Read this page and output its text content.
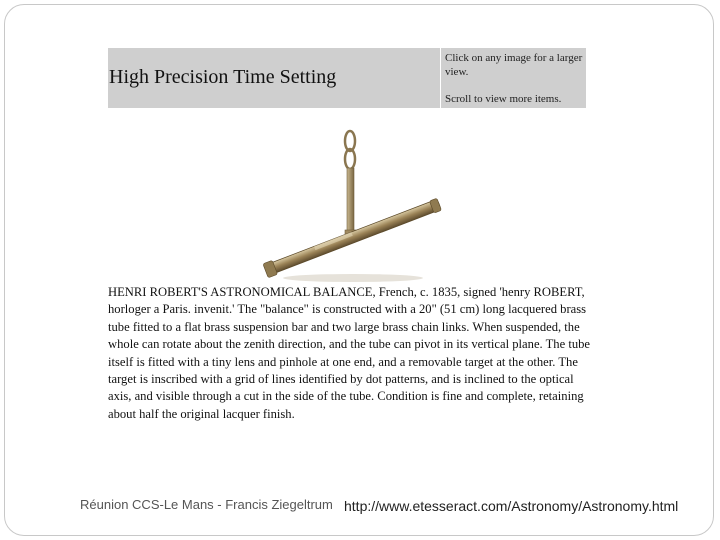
High Precision Time Setting
Click on any image for a larger view.
Scroll to view more items.
HENRI ROBERT'S ASTRONOMICAL BALANCE, French, c. 1835, signed 'henry ROBERT, horloger a Paris. invenit.' The "balance" is constructed with a 20" (51 cm) long lacquered brass tube fitted to a flat brass suspension bar and two large brass chain links. When suspended, the whole can rotate about the zenith direction, and the tube can pivot in its vertical plane. The tube itself is fitted with a tiny lens and pinhole at one end, and a removable target at the other. The target is inscribed with a grid of lines identified by dot patterns, and is inclined to the optical axis, and visible through a cut in the side of the tube. Condition is fine and complete, retaining about half the original lacquer finish.
Réunion CCS-Le Mans - Francis Ziegeltrum http://www.etesseract.com/Astronomy/Astronomy.html
